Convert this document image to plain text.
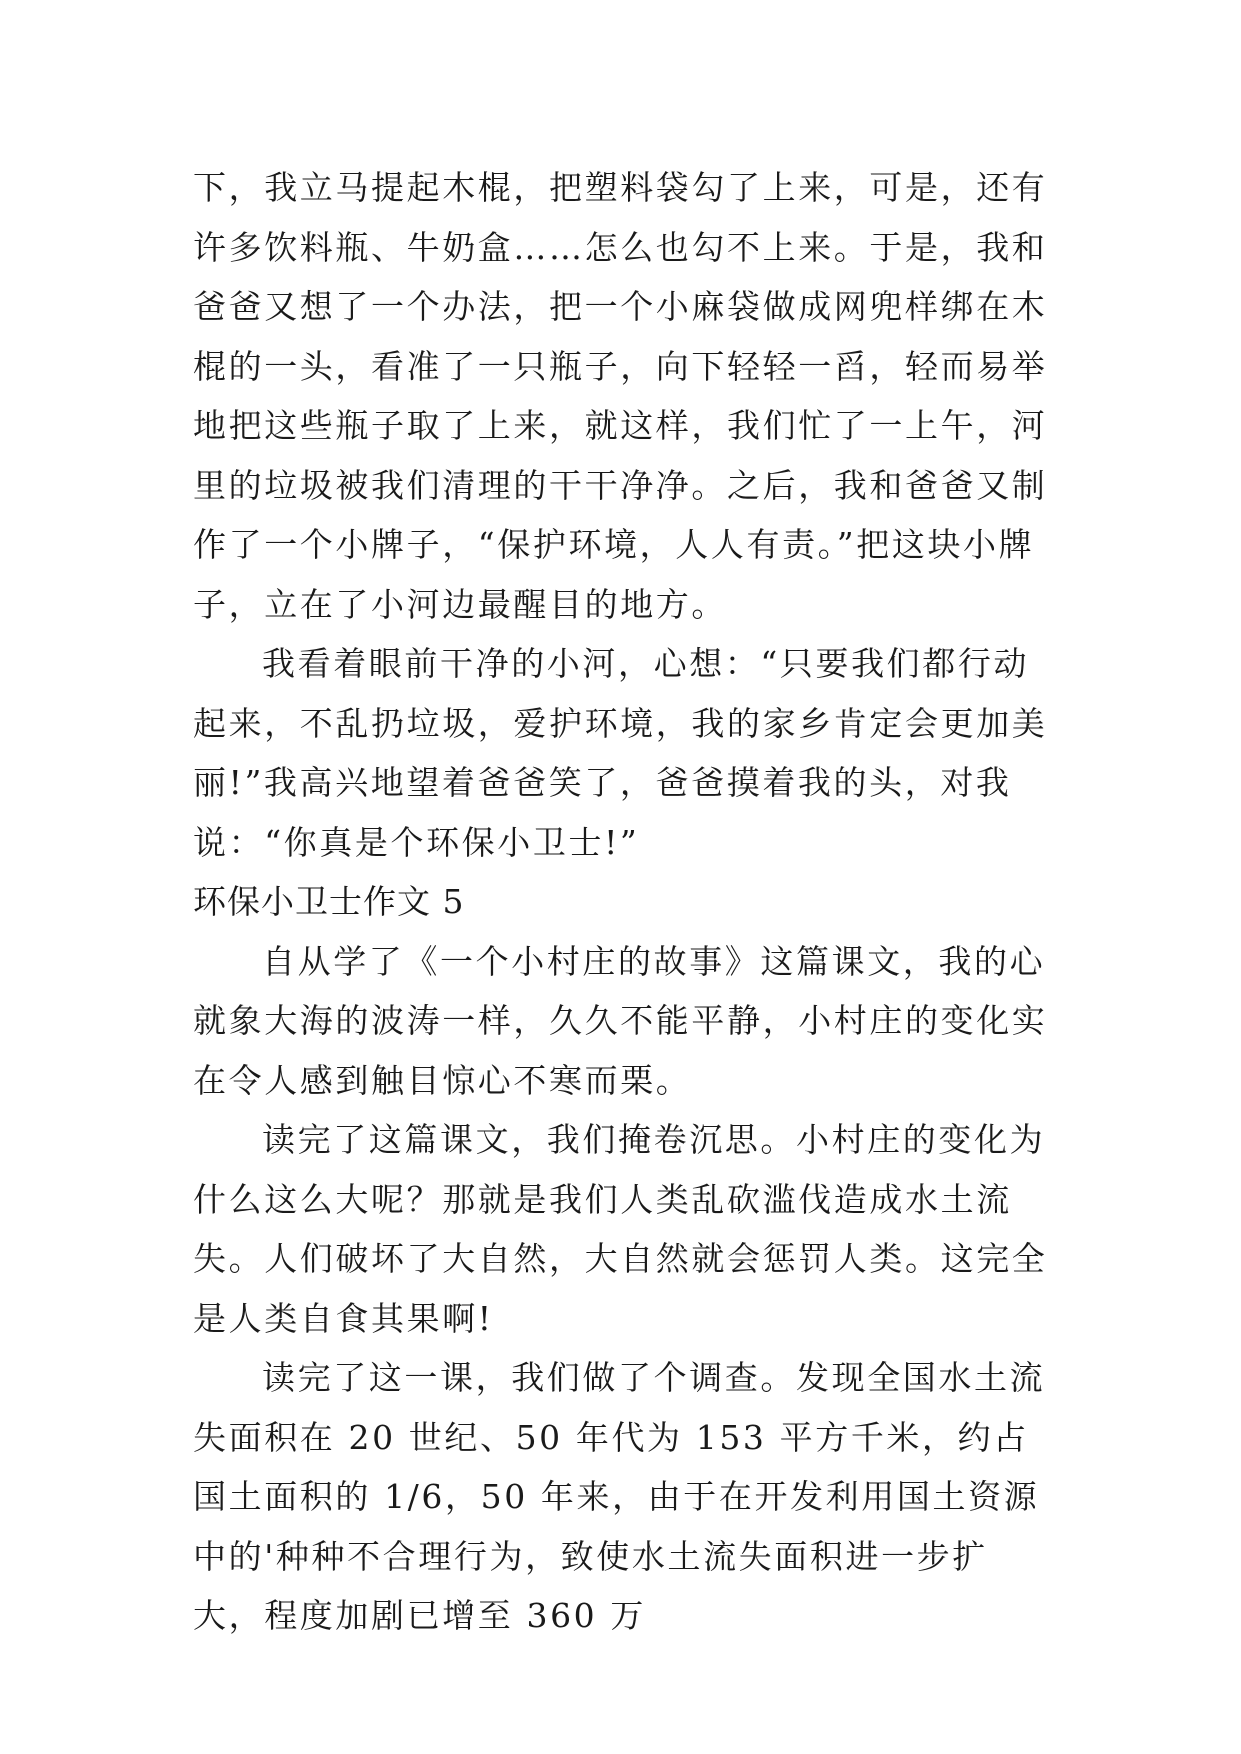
下，我立马提起木棍，把塑料袋勾了上来，可是，还有许多饮料瓶、牛奶盒……怎么也勾不上来。于是，我和爸爸又想了一个办法，把一个小麻袋做成网兜样绑在木棍的一头，看准了一只瓶子，向下轻轻一舀，轻而易举地把这些瓶子取了上来，就这样，我们忙了一上午，河里的垃圾被我们清理的干干净净。之后，我和爸爸又制作了一个小牌子，“保护环境，人人有责。”把这块小牌子，立在了小河边最醒目的地方。

我看着眼前干净的小河，心想：“只要我们都行动起来，不乱扔垃圾，爱护环境，我的家乡肯定会更加美丽!”我高兴地望着爸爸笑了，爸爸摸着我的头，对我说：“你真是个环保小卫士!”

环保小卫士作文 5

自从学了《一个小村庄的故事》这篇课文，我的心就象大海的波涛一样，久久不能平静，小村庄的变化实在令人感到触目惊心不寒而栗。

读完了这篇课文，我们掩卷沉思。小村庄的变化为什么这么大呢？那就是我们人类乱砍滥伐造成水土流失。人们破坏了大自然，大自然就会惩罚人类。这完全是人类自食其果啊!

读完了这一课，我们做了个调查。发现全国水土流失面积在 20 世纪、50 年代为 153 平方千米，约占国土面积的 1/6，50 年来，由于在开发利用国土资源中的'种种不合理行为，致使水土流失面积进一步扩大，程度加剧已增至 360 万
